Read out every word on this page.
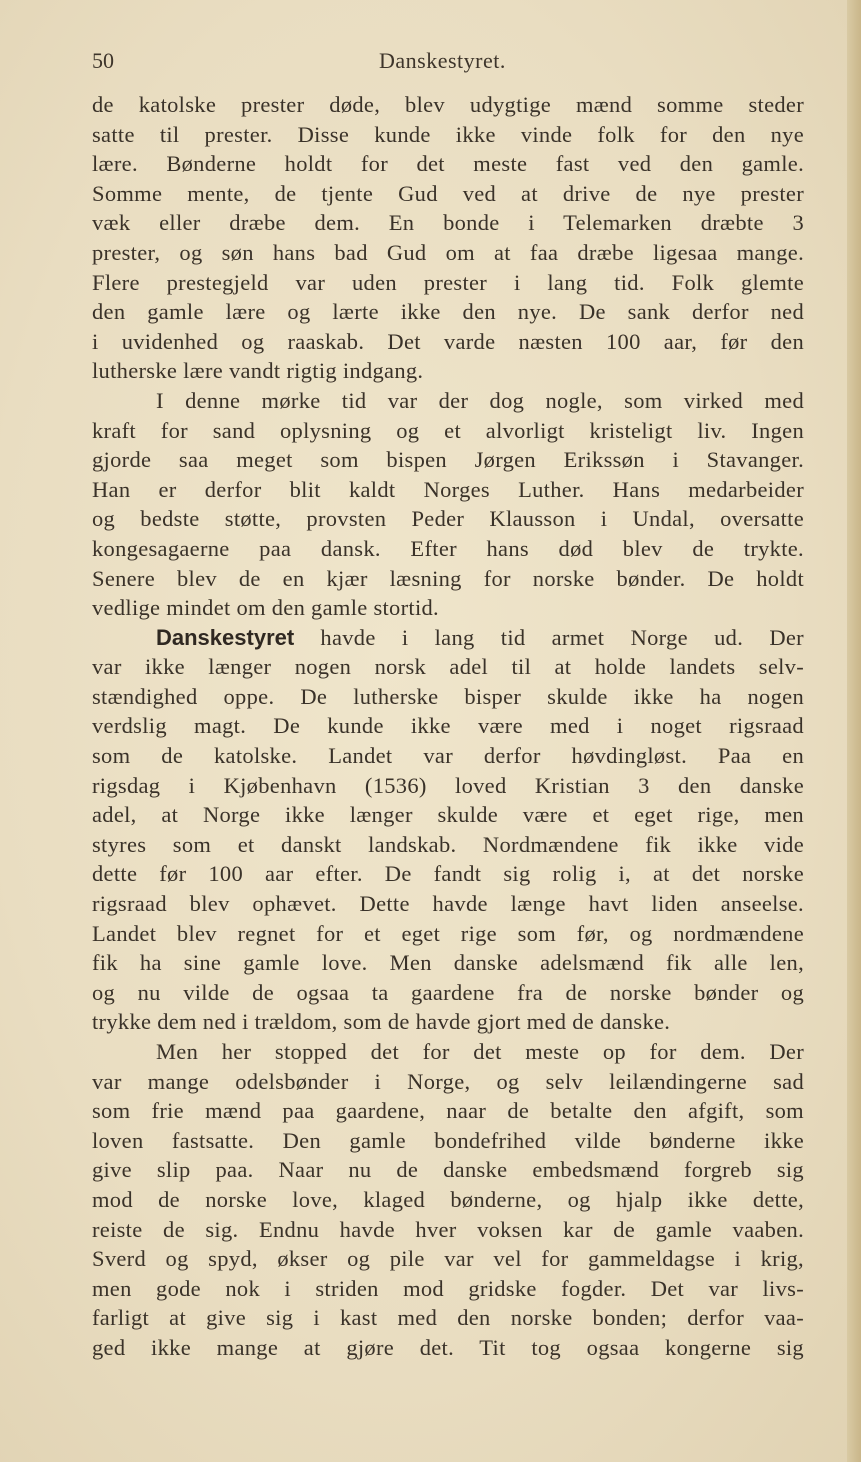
50	Danskestyret.
de katolske prester døde, blev udygtige mænd somme steder
satte til prester. Disse kunde ikke vinde folk for den nye
lære. Bønderne holdt for det meste fast ved den gamle.
Somme mente, de tjente Gud ved at drive de nye prester
væk eller dræbe dem. En bonde i Telemarken dræbte 3
prester, og søn hans bad Gud om at faa dræbe ligesaa mange.
Flere prestegjeld var uden prester i lang tid. Folk glemte
den gamle lære og lærte ikke den nye. De sank derfor ned
i uvidenhed og raaskab. Det varde næsten 100 aar, før den
lutherske lære vandt rigtig indgang.
I denne mørke tid var der dog nogle, som virked med
kraft for sand oplysning og et alvorligt kristeligt liv. Ingen
gjorde saa meget som bispen Jørgen Erikssøn i Stavanger.
Han er derfor blit kaldt Norges Luther. Hans medarbeider
og bedste støtte, provsten Peder Klausson i Undal, oversatte
kongesagaerne paa dansk. Efter hans død blev de trykte.
Senere blev de en kjær læsning for norske bønder. De holdt
vedlige mindet om den gamle stortid.
Danskestyret havde i lang tid armet Norge ud. Der
var ikke længer nogen norsk adel til at holde landets selv-
stændighed oppe. De lutherske bisper skulde ikke ha nogen
verdslig magt. De kunde ikke være med i noget rigsraad
som de katolske. Landet var derfor høvdingløst. Paa en
rigsdag i Kjøbenhavn (1536) loved Kristian 3 den danske
adel, at Norge ikke længer skulde være et eget rige, men
styres som et danskt landskab. Nordmændene fik ikke vide
dette før 100 aar efter. De fandt sig rolig i, at det norske
rigsraad blev ophævet. Dette havde længe havt liden anseelse.
Landet blev regnet for et eget rige som før, og nordmændene
fik ha sine gamle love. Men danske adelsmænd fik alle len,
og nu vilde de ogsaa ta gaardene fra de norske bønder og
trykke dem ned i trældom, som de havde gjort med de danske.
Men her stopped det for det meste op for dem. Der
var mange odelsbønder i Norge, og selv leilændingerne sad
som frie mænd paa gaardene, naar de betalte den afgift, som
loven fastsatte. Den gamle bondefrihed vilde bønderne ikke
give slip paa. Naar nu de danske embedsmænd forgreb sig
mod de norske love, klaged bønderne, og hjalp ikke dette,
reiste de sig. Endnu havde hver voksen kar de gamle vaaben.
Sverd og spyd, økser og pile var vel for gammeldagse i krig,
men gode nok i striden mod gridske fogder. Det var livs-
farligt at give sig i kast med den norske bonden; derfor vaa-
ged ikke mange at gjøre det. Tit tog ogsaa kongerne sig
